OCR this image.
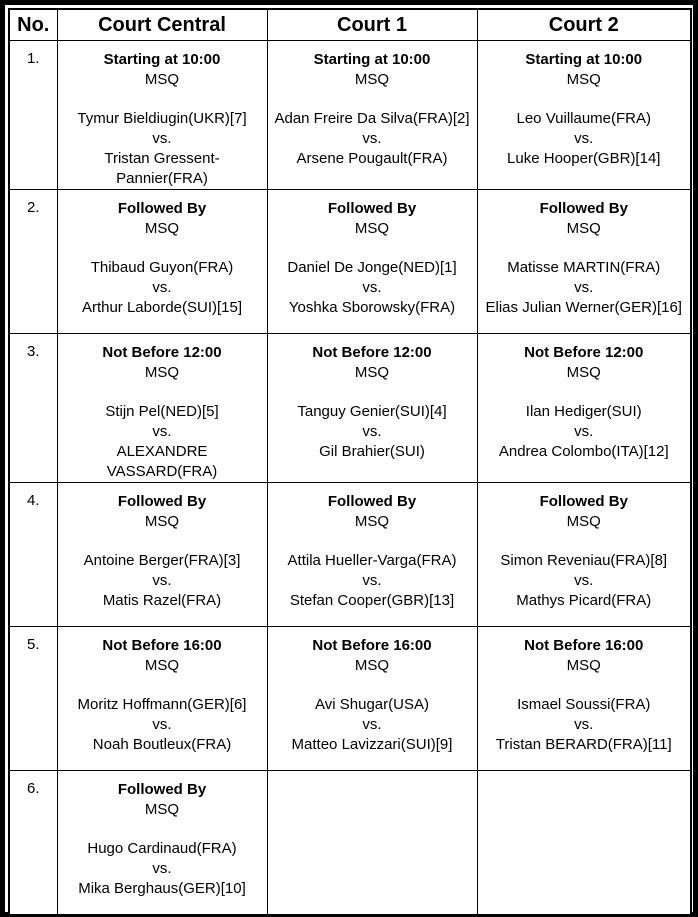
No.	Court Central	Court 1	Court 2
1.	Starting at 10:00
MSQ
Tymur Bieldiugin(UKR)[7]
vs.
Tristan Gressent-Pannier(FRA)

Starting at 10:00
MSQ
Adan Freire Da Silva(FRA)[2]
vs.
Arsene Pougault(FRA)

Starting at 10:00
MSQ
Leo Vuillaume(FRA)
vs.
Luke Hooper(GBR)[14]

2.	Followed By
MSQ
Thibaud Guyon(FRA)
vs.
Arthur Laborde(SUI)[15]

Followed By
MSQ
Daniel De Jonge(NED)[1]
vs.
Yoshka Sborowsky(FRA)

Followed By
MSQ
Matisse MARTIN(FRA)
vs.
Elias Julian Werner(GER)[16]

3.	Not Before 12:00
MSQ
Stijn Pel(NED)[5]
vs.
ALEXANDRE VASSARD(FRA)

Not Before 12:00
MSQ
Tanguy Genier(SUI)[4]
vs.
Gil Brahier(SUI)

Not Before 12:00
MSQ
Ilan Hediger(SUI)
vs.
Andrea Colombo(ITA)[12]

4.	Followed By
MSQ
Antoine Berger(FRA)[3]
vs.
Matis Razel(FRA)

Followed By
MSQ
Attila Hueller-Varga(FRA)
vs.
Stefan Cooper(GBR)[13]

Followed By
MSQ
Simon Reveniau(FRA)[8]
vs.
Mathys Picard(FRA)

5.	Not Before 16:00
MSQ
Moritz Hoffmann(GER)[6]
vs.
Noah Boutleux(FRA)

Not Before 16:00
MSQ
Avi Shugar(USA)
vs.
Matteo Lavizzari(SUI)[9]

Not Before 16:00
MSQ
Ismael Soussi(FRA)
vs.
Tristan BERARD(FRA)[11]

6.	Followed By
MSQ
Hugo Cardinaud(FRA)
vs.
Mika Berghaus(GER)[10]		
